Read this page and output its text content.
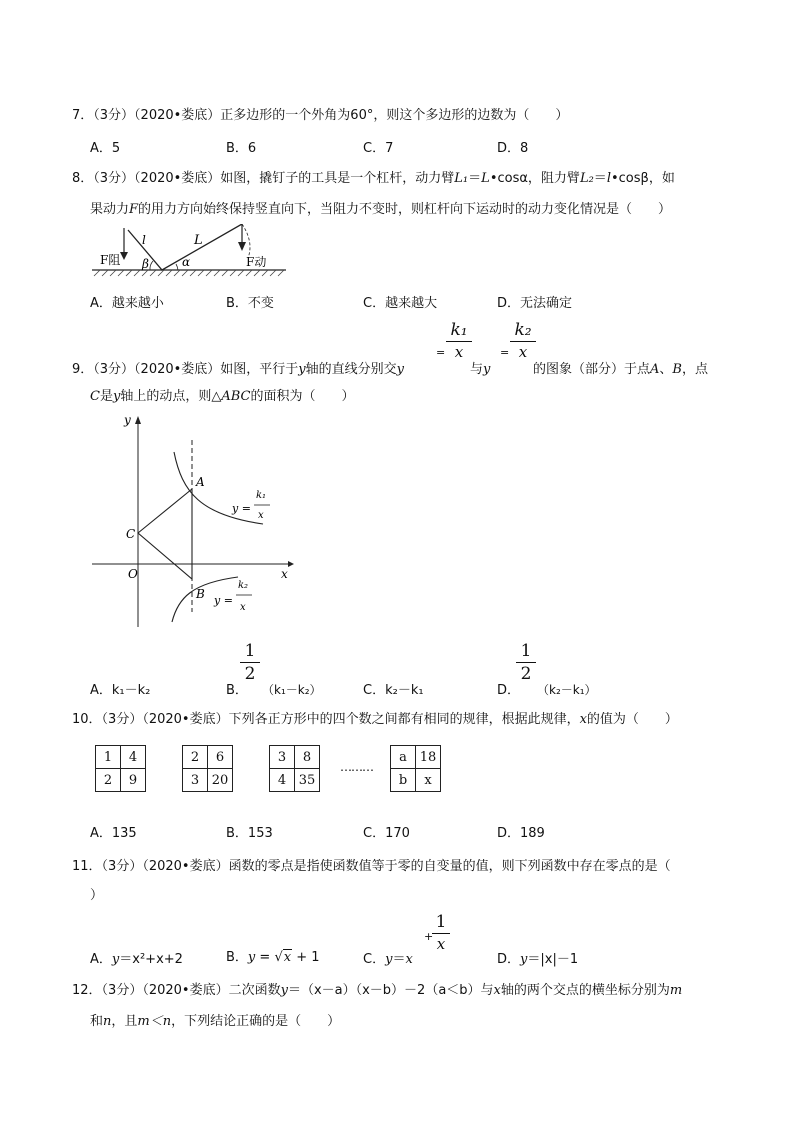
7．（3分）（2020•娄底）正多边形的一个外角为60°，则这个多边形的边数为（　　）
A．5	B．6	C．7	D．8
8．（3分）（2020•娄底）如图，撬钉子的工具是一个杠杆，动力臂L₁＝L•cosα，阻力臂L₂＝l•cosβ，如
果动力F的用力方向始终保持竖直向下，当阻力不变时，则杠杆向下运动时的动力变化情况是（　　）
F阻
l	L
β	α	F动
A．越来越小	B．不变	C．越来越大	D．无法确定
9．（3分）（2020•娄底）如图，平行于y轴的直线分别交y
=
k₁
x
与y
=
k₂
x
的图象（部分）于点A、B，点
C是y轴上的动点，则△ABC的面积为（　　）
y
x
A
B
C
O
y =
k₁
x
y =
k₂
x
A．k₁－k₂	B．
1
2
（k₁－k₂）	C．k₂－k₁	D．
1
2
（k₂－k₁）
10．（3分）（2020•娄底）下列各正方形中的四个数之间都有相同的规律，根据此规律，x的值为（　　）
1	4
2	9
2	6
3	20
3	8
4	35
………
a	18
b	x
A．135	B．153	C．170	D．189
11．（3分）（2020•娄底）函数的零点是指使函数值等于零的自变量的值，则下列函数中存在零点的是（
）
A．y＝x²+x+2	B．y = √x + 1	C．y＝x
+
1
x
D．y＝|x|－1
12．（3分）（2020•娄底）二次函数y＝（x－a）（x－b）－2（a＜b）与x轴的两个交点的横坐标分别为m
和n，且m＜n，下列结论正确的是（　　）
